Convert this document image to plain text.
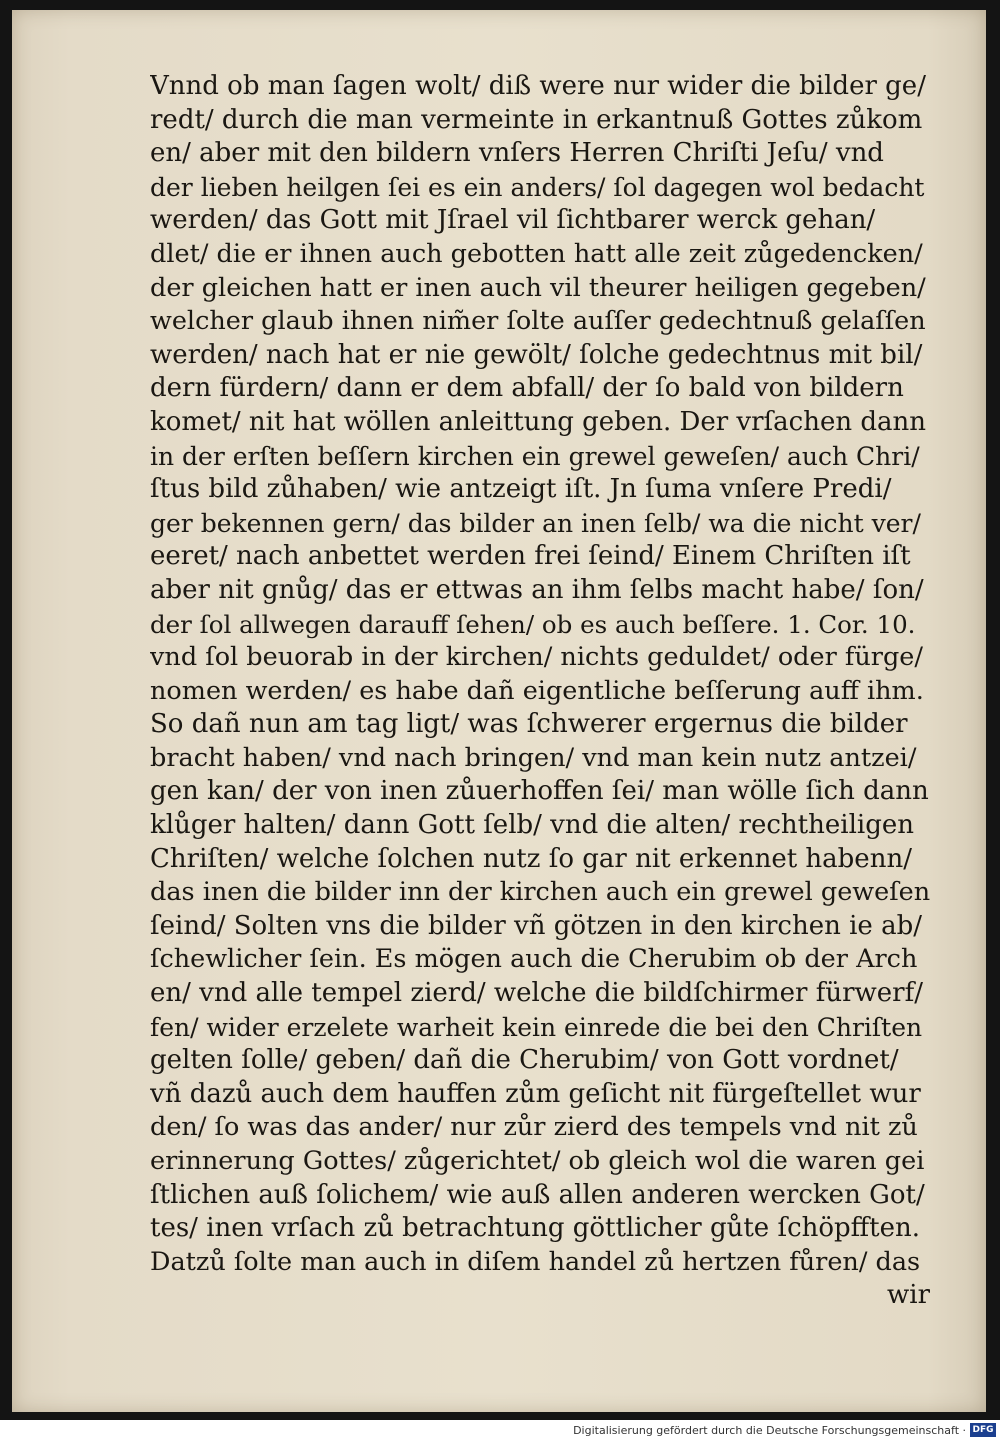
Vnnd ob man ſagen wolt/ diß were nur wider die bilder ge/
redt/ durch die man vermeinte in erkantnuß Gottes zůkom
en/ aber mit den bildern vnſers Herren Chriſti Jeſu/ vnd
der lieben heilgen ſei es ein anders/ ſol dagegen wol bedacht
werden/ das Gott mit Jſrael vil ſichtbarer werck gehan/
dlet/ die er ihnen auch gebotten hatt alle zeit zůgedencken/
der gleichen hatt er inen auch vil theurer heiligen gegeben/
welcher glaub ihnen nim̃er ſolte auſſer gedechtnuß gelaſſen
werden/ nach hat er nie gewölt/ ſolche gedechtnus mit bil/
dern fürdern/ dann er dem abfall/ der ſo bald von bildern
komet/ nit hat wöllen anleittung geben. Der vrſachen dann
in der erſten beſſern kirchen ein grewel geweſen/ auch Chri/
ſtus bild zůhaben/ wie antzeigt iſt. Jn ſuma vnſere Predi/
ger bekennen gern/ das bilder an inen ſelb/ wa die nicht ver/
eeret/ nach anbettet werden frei ſeind/ Einem Chriſten iſt
aber nit gnůg/ das er ettwas an ihm ſelbs macht habe/ ſon/
der ſol allwegen darauff ſehen/ ob es auch beſſere. 1. Cor. 10.
vnd ſol beuorab in der kirchen/ nichts geduldet/ oder fürge/
nomen werden/ es habe dañ eigentliche beſſerung auff ihm.
So dañ nun am tag ligt/ was ſchwerer ergernus die bilder
bracht haben/ vnd nach bringen/ vnd man kein nutz antzei/
gen kan/ der von inen zůuerhoffen ſei/ man wölle ſich dann
klůger halten/ dann Gott ſelb/ vnd die alten/ rechtheiligen
Chriſten/ welche ſolchen nutz ſo gar nit erkennet habenn/
das inen die bilder inn der kirchen auch ein grewel geweſen
ſeind/ Solten vns die bilder vñ götzen in den kirchen ie ab/
ſchewlicher ſein. Es mögen auch die Cherubim ob der Arch
en/ vnd alle tempel zierd/ welche die bildſchirmer fürwerf/
fen/ wider erzelete warheit kein einrede die bei den Chriſten
gelten ſolle/ geben/ dañ die Cherubim/ von Gott vordnet/
vñ dazů auch dem hauffen zům geſicht nit fürgeſtellet wur
den/ ſo was das ander/ nur zůr zierd des tempels vnd nit zů
erinnerung Gottes/ zůgerichtet/ ob gleich wol die waren gei
ſtlichen auß ſolichem/ wie auß allen anderen wercken Got/
tes/ inen vrſach zů betrachtung göttlicher gůte ſchöpfften.
Datzů ſolte man auch in diſem handel zů hertzen fůren/ das
wir
Digitalisierung gefördert durch die Deutsche Forschungsgemeinschaft · DFG
